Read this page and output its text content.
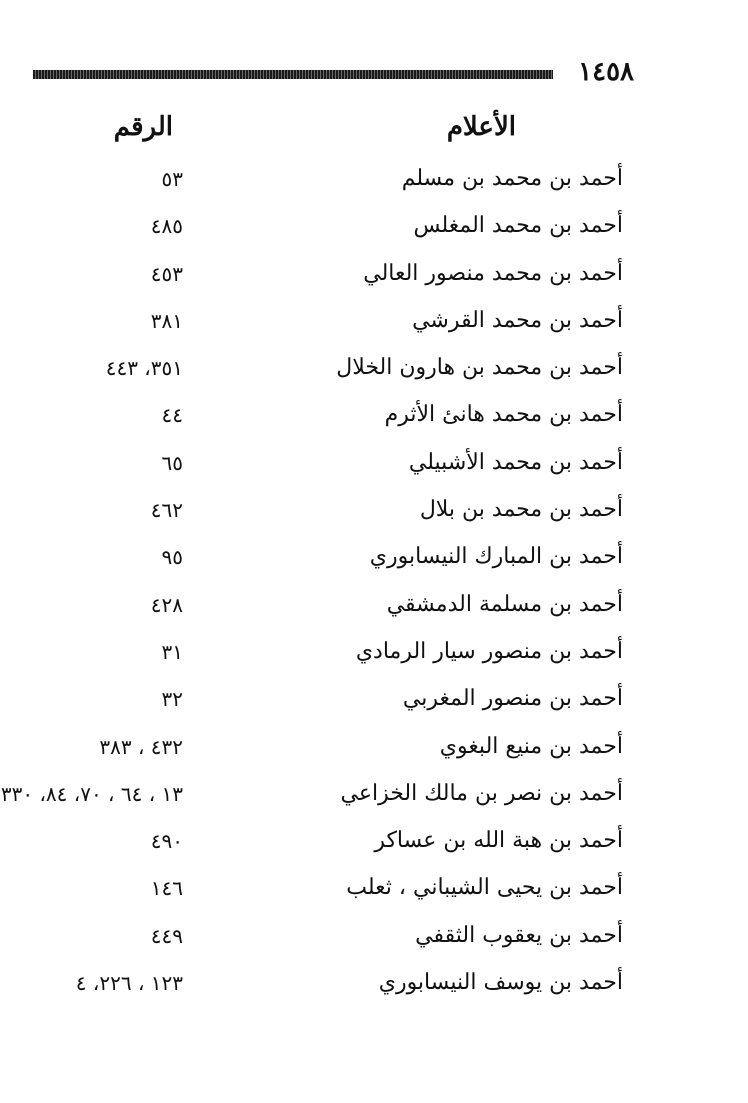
١٤٥٨
الأعلام
الرقم
أحمد بن محمد بن مسلم
٥٣
أحمد بن محمد المغلس
٤٨٥
أحمد بن محمد منصور العالي
٤٥٣
أحمد بن محمد القرشي
٣٨١
أحمد بن محمد بن هارون الخلال
٣٥١، ٤٤٣
أحمد بن محمد هانئ الأثرم
٤٤
أحمد بن محمد الأشبيلي
٦٥
أحمد بن محمد بن بلال
٤٦٢
أحمد بن المبارك النيسابوري
٩٥
أحمد بن مسلمة الدمشقي
٤٢٨
أحمد بن منصور سيار الرمادي
٣١
أحمد بن منصور المغربي
٣٢
أحمد بن منيع البغوي
٤٣٢ ، ٣٨٣
أحمد بن نصر بن مالك الخزاعي
١٣ ، ٦٤ ، ٧٠، ٨٤، ٣٣٠
أحمد بن هبة الله بن عساكر
٤٩٠
أحمد بن يحيى الشيباني ، ثعلب
١٤٦
أحمد بن يعقوب الثقفي
٤٤٩
أحمد بن يوسف النيسابوري
١٢٣ ، ٢٢٦، ٤
